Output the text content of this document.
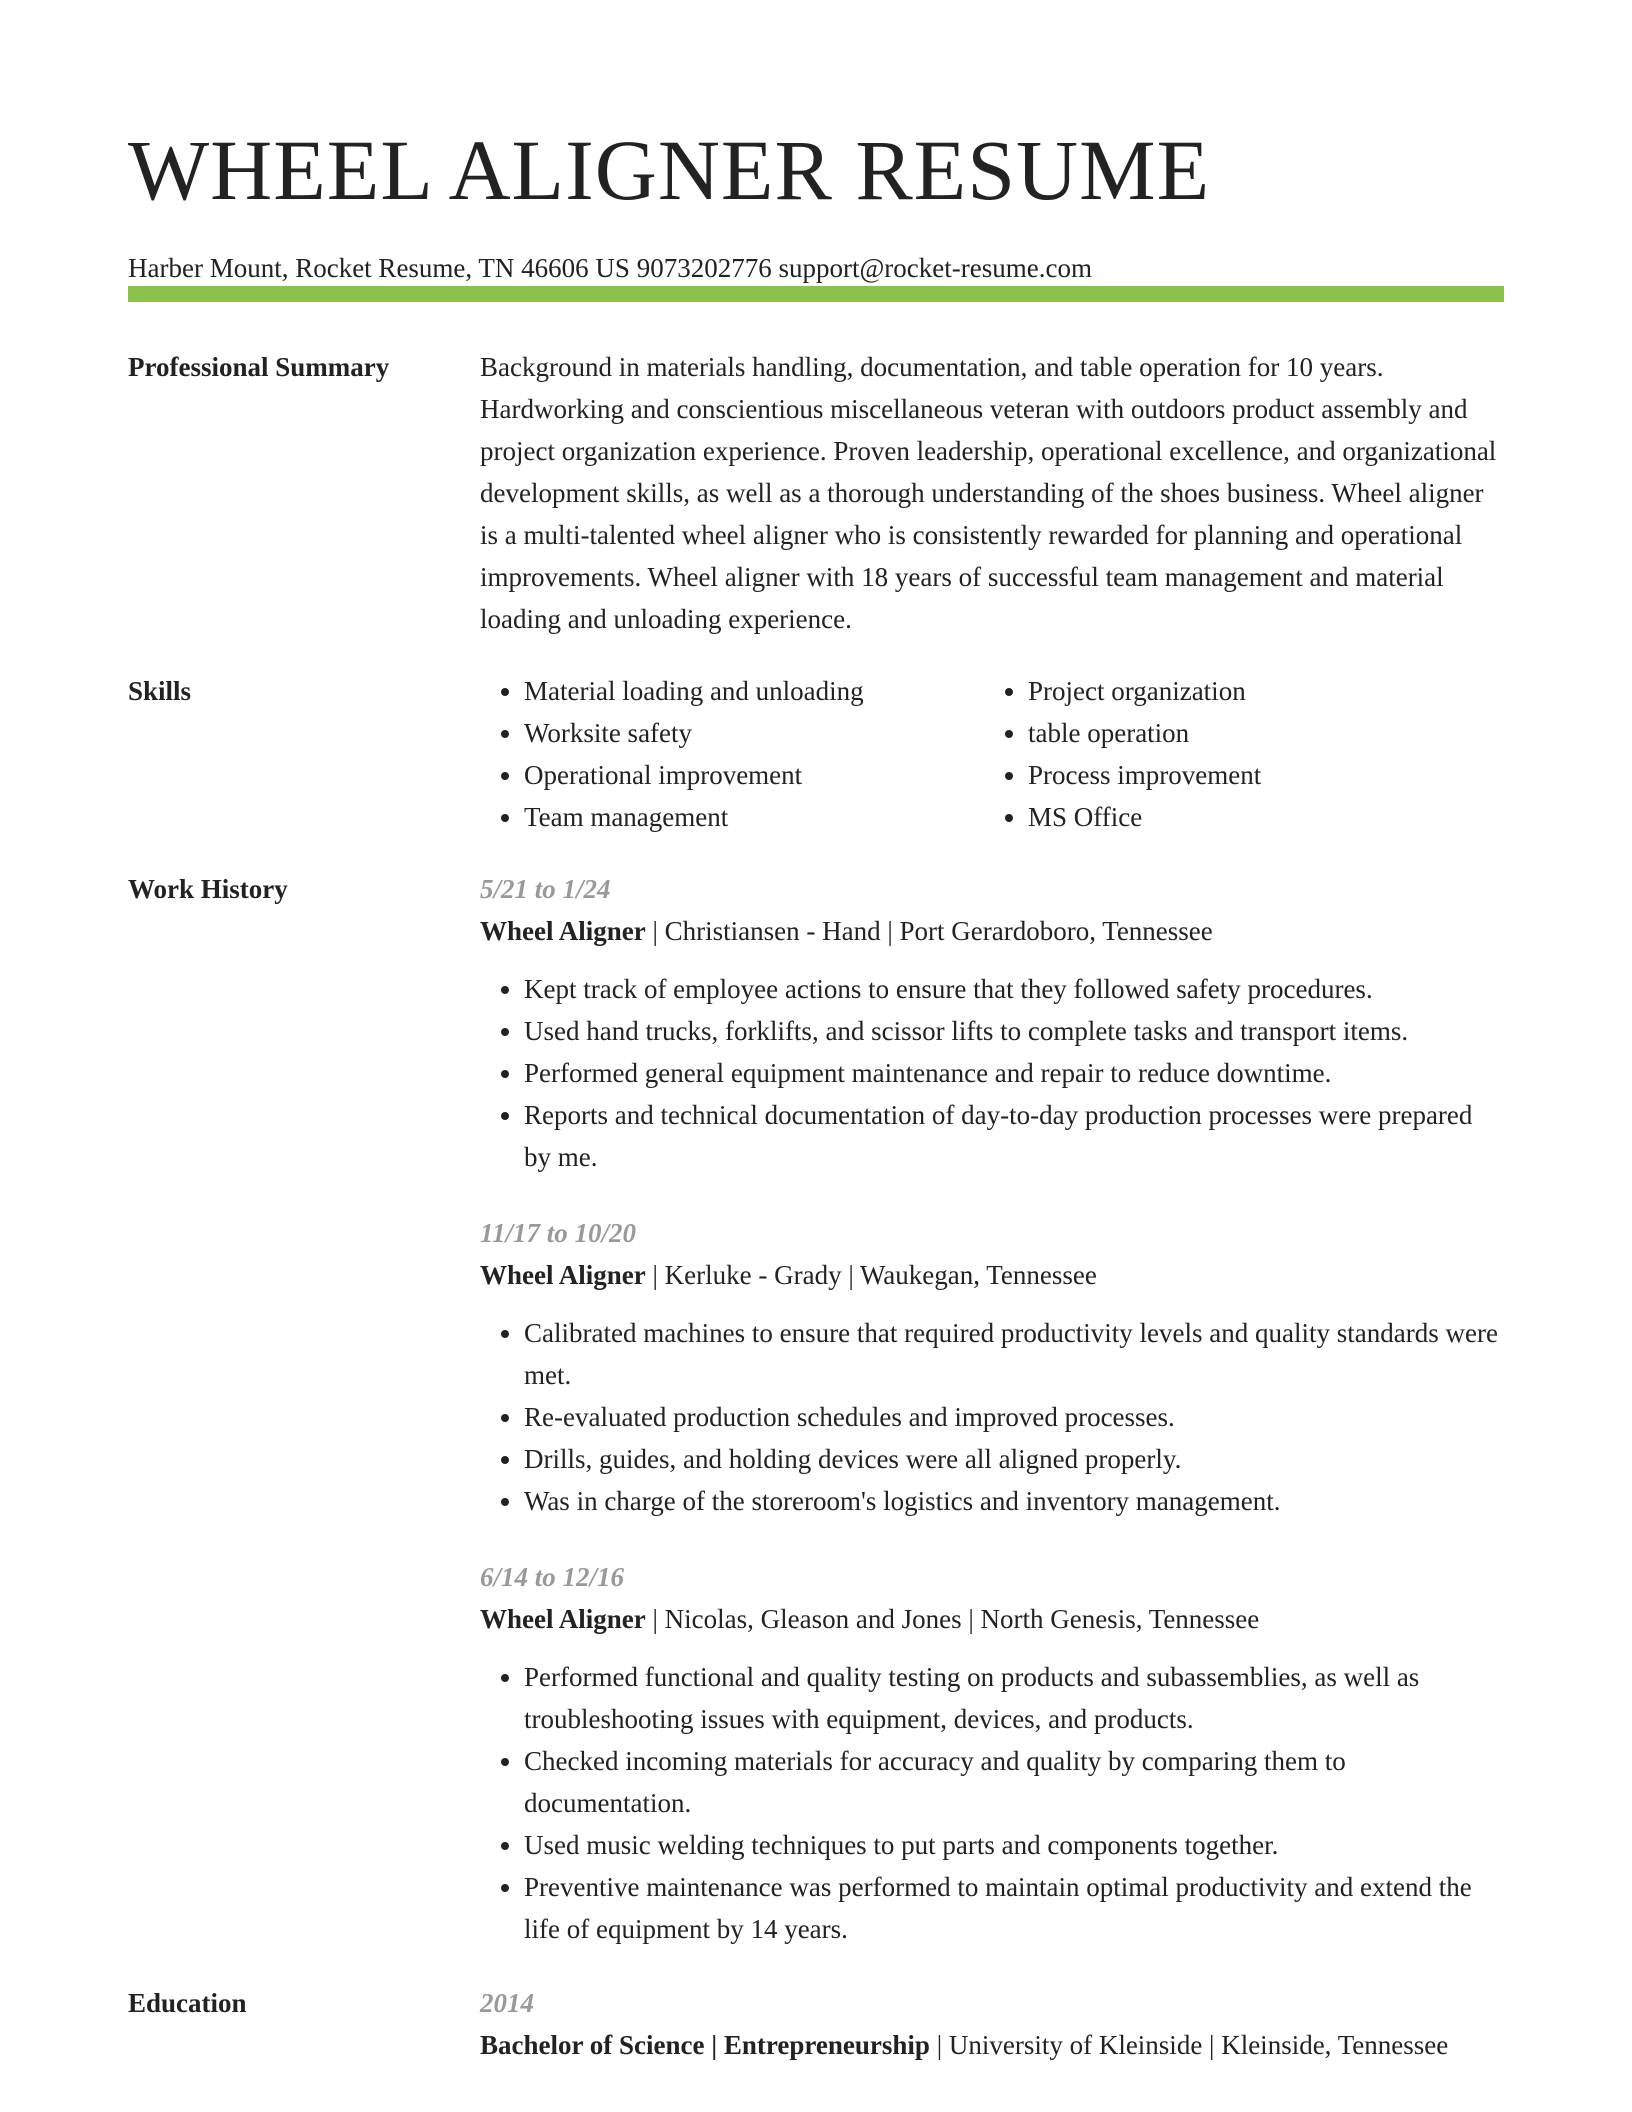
WHEEL ALIGNER RESUME
Harber Mount, Rocket Resume, TN 46606 US 9073202776 support@rocket-resume.com
Professional Summary	Background in materials handling, documentation, and table operation for 10 years. Hardworking and conscientious miscellaneous veteran with outdoors product assembly and project organization experience. Proven leadership, operational excellence, and organizational development skills, as well as a thorough understanding of the shoes business. Wheel aligner is a multi-talented wheel aligner who is consistently rewarded for planning and operational improvements. Wheel aligner with 18 years of successful team management and material loading and unloading experience.

Skills
•	Material loading and unloading
• Worksite safety
• Operational improvement
• Team management
• Project organization
• table operation
• Process improvement
• MS Office
Work History	5/21 to 1/24
Wheel Aligner | Christiansen - Hand | Port Gerardoboro, Tennessee
• Kept track of employee actions to ensure that they followed safety procedures.
• Used hand trucks, forklifts, and scissor lifts to complete tasks and transport items.
• Performed general equipment maintenance and repair to reduce downtime.
• Reports and technical documentation of day-to-day production processes were prepared by me.
11/17 to 10/20
Wheel Aligner | Kerluke - Grady | Waukegan, Tennessee
• Calibrated machines to ensure that required productivity levels and quality standards were met.
• Re-evaluated production schedules and improved processes.
• Drills, guides, and holding devices were all aligned properly.
• Was in charge of the storeroom's logistics and inventory management.
6/14 to 12/16
Wheel Aligner | Nicolas, Gleason and Jones | North Genesis, Tennessee
• Performed functional and quality testing on products and subassemblies, as well as troubleshooting issues with equipment, devices, and products.
• Checked incoming materials for accuracy and quality by comparing them to documentation.
• Used music welding techniques to put parts and components together.
• Preventive maintenance was performed to maintain optimal productivity and extend the life of equipment by 14 years.
Education	2014
Bachelor of Science | Entrepreneurship | University of Kleinside | Kleinside, Tennessee
